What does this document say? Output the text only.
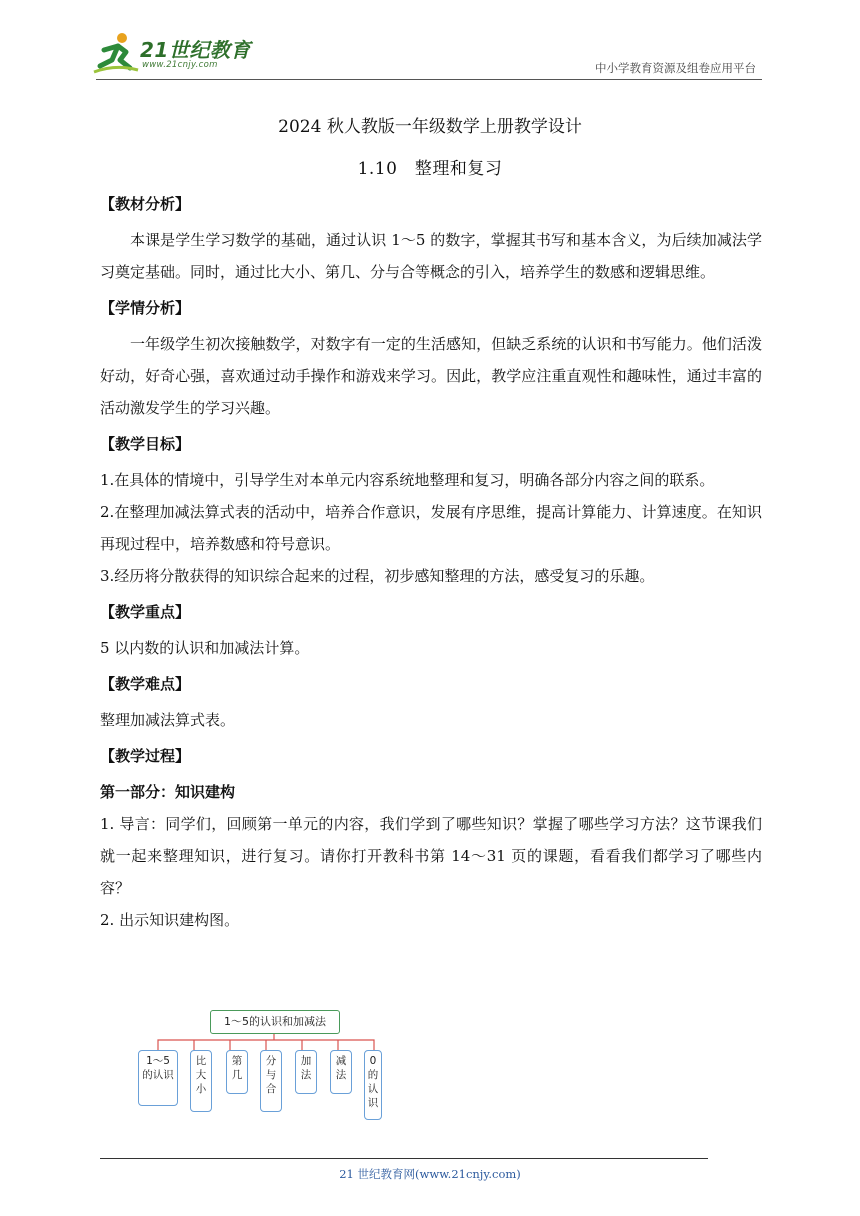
21世纪教育
www.21cnjy.com	中小学教育资源及组卷应用平台
2024 秋人教版一年级数学上册教学设计
1.10　整理和复习
【教材分析】

本课是学生学习数学的基础，通过认识 1～5 的数字，掌握其书写和基本含义，为后续加减法学习奠定基础。同时，通过比大小、第几、分与合等概念的引入，培养学生的数感和逻辑思维。

【学情分析】

一年级学生初次接触数学，对数字有一定的生活感知，但缺乏系统的认识和书写能力。他们活泼好动，好奇心强，喜欢通过动手操作和游戏来学习。因此，教学应注重直观性和趣味性，通过丰富的活动激发学生的学习兴趣。

【教学目标】

1.在具体的情境中，引导学生对本单元内容系统地整理和复习，明确各部分内容之间的联系。

2.在整理加减法算式表的活动中，培养合作意识，发展有序思维，提高计算能力、计算速度。在知识再现过程中，培养数感和符号意识。

3.经历将分散获得的知识综合起来的过程，初步感知整理的方法，感受复习的乐趣。

【教学重点】

5 以内数的认识和加减法计算。

【教学难点】

整理加减法算式表。

【教学过程】
第一部分：知识建构

1. 导言：同学们，回顾第一单元的内容，我们学到了哪些知识？掌握了哪些学习方法？这节课我们就一起来整理知识，进行复习。请你打开教科书第 14～31 页的课题，看看我们都学习了哪些内容？

2. 出示知识建构图。

1～5的认识和加减法
1～5的认识
比大小
第几
分与合
加法
减法
0的认识
21 世纪教育网(www.21cnjy.com)
